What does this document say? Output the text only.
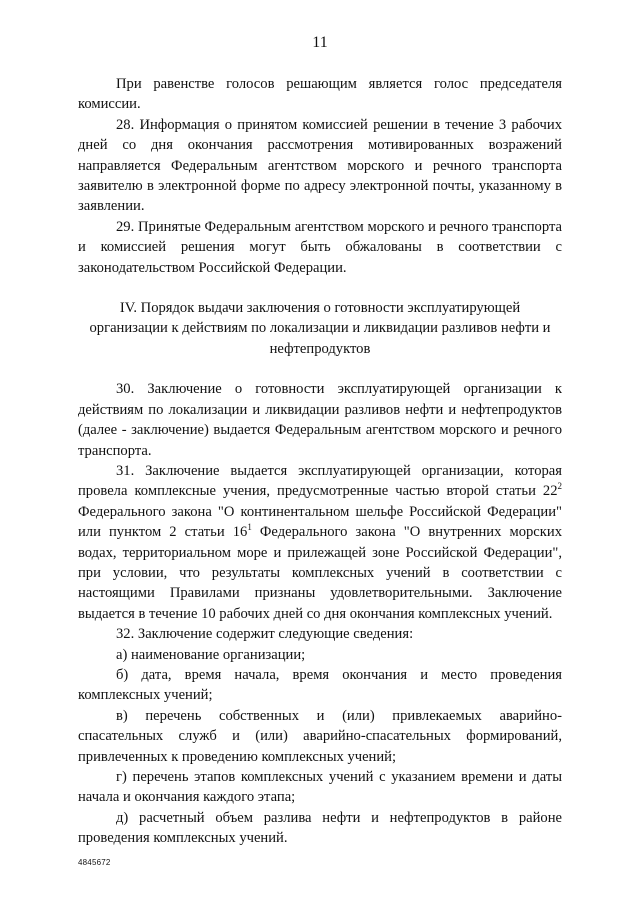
11

При равенстве голосов решающим является голос председателя комиссии.

28. Информация о принятом комиссией решении в течение 3 рабочих дней со дня окончания рассмотрения мотивированных возражений направляется Федеральным агентством морского и речного транспорта заявителю в электронной форме по адресу электронной почты, указанному в заявлении.

29. Принятые Федеральным агентством морского и речного транспорта и комиссией решения могут быть обжалованы в соответствии с законодательством Российской Федерации.

IV. Порядок выдачи заключения о готовности эксплуатирующей организации к действиям по локализации и ликвидации разливов нефти и нефтепродуктов

30. Заключение о готовности эксплуатирующей организации к действиям по локализации и ликвидации разливов нефти и нефтепродуктов (далее - заключение) выдается Федеральным агентством морского и речного транспорта.

31. Заключение выдается эксплуатирующей организации, которая провела комплексные учения, предусмотренные частью второй статьи $22^2$ Федерального закона "О континентальном шельфе Российской Федерации" или пунктом 2 статьи $16^1$ Федерального закона "О внутренних морских водах, территориальном море и прилежащей зоне Российской Федерации", при условии, что результаты комплексных учений в соответствии с настоящими Правилами признаны удовлетворительными. Заключение выдается в течение 10 рабочих дней со дня окончания комплексных учений.

32. Заключение содержит следующие сведения:

а) наименование организации;

б) дата, время начала, время окончания и место проведения комплексных учений;

в) перечень собственных и (или) привлекаемых аварийно-спасательных служб и (или) аварийно-спасательных формирований, привлеченных к проведению комплексных учений;

г) перечень этапов комплексных учений с указанием времени и даты начала и окончания каждого этапа;

д) расчетный объем разлива нефти и нефтепродуктов в районе проведения комплексных учений.

4845672
